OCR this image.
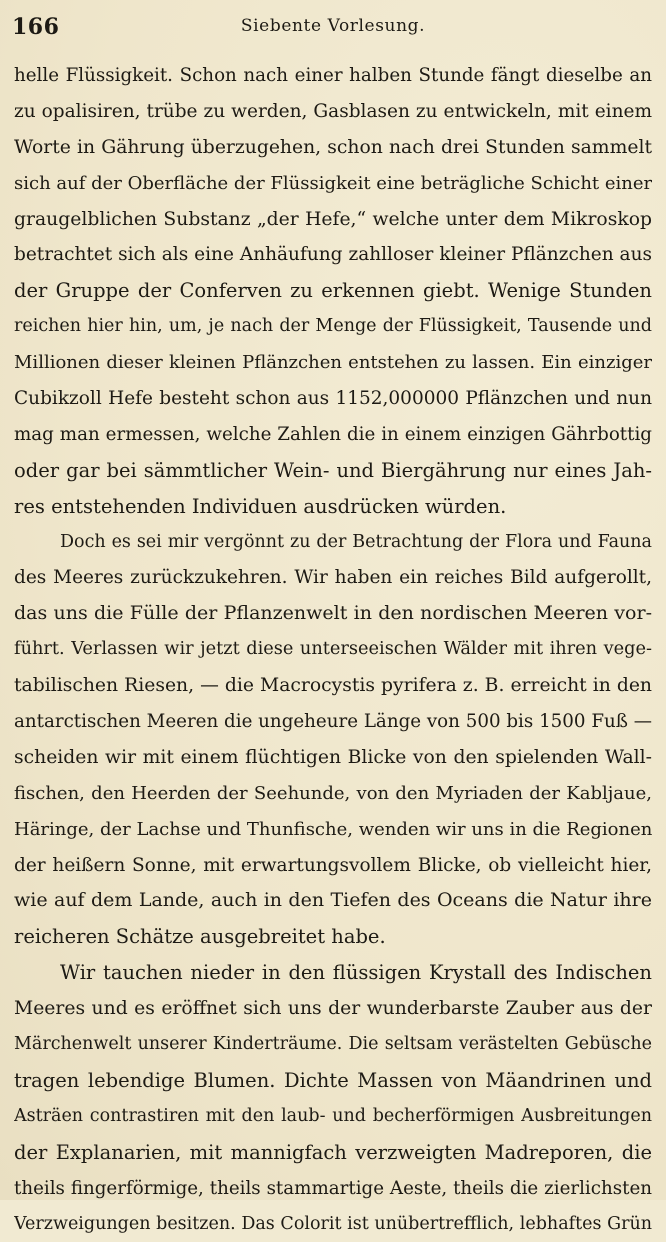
166	Siebente Vorlesung.
helle Flüssigkeit. Schon nach einer halben Stunde fängt dieselbe an
zu opalisiren, trübe zu werden, Gasblasen zu entwickeln, mit einem
Worte in Gährung überzugehen, schon nach drei Stunden sammelt
sich auf der Oberfläche der Flüssigkeit eine beträgliche Schicht einer
graugelblichen Substanz „der Hefe,“ welche unter dem Mikroskop
betrachtet sich als eine Anhäufung zahlloser kleiner Pflänzchen aus
der Gruppe der Conferven zu erkennen giebt. Wenige Stunden
reichen hier hin, um, je nach der Menge der Flüssigkeit, Tausende und
Millionen dieser kleinen Pflänzchen entstehen zu lassen. Ein einziger
Cubikzoll Hefe besteht schon aus 1152,000000 Pflänzchen und nun
mag man ermessen, welche Zahlen die in einem einzigen Gährbottig
oder gar bei sämmtlicher Wein- und Biergährung nur eines Jah-
res entstehenden Individuen ausdrücken würden.
Doch es sei mir vergönnt zu der Betrachtung der Flora und Fauna
des Meeres zurückzukehren. Wir haben ein reiches Bild aufgerollt,
das uns die Fülle der Pflanzenwelt in den nordischen Meeren vor-
führt. Verlassen wir jetzt diese unterseeischen Wälder mit ihren vege-
tabilischen Riesen, — die Macrocystis pyrifera z. B. erreicht in den
antarctischen Meeren die ungeheure Länge von 500 bis 1500 Fuß —
scheiden wir mit einem flüchtigen Blicke von den spielenden Wall-
fischen, den Heerden der Seehunde, von den Myriaden der Kabljaue,
Häringe, der Lachse und Thunfische, wenden wir uns in die Regionen
der heißern Sonne, mit erwartungsvollem Blicke, ob vielleicht hier,
wie auf dem Lande, auch in den Tiefen des Oceans die Natur ihre
reicheren Schätze ausgebreitet habe.
Wir tauchen nieder in den flüssigen Krystall des Indischen
Meeres und es eröffnet sich uns der wunderbarste Zauber aus der
Märchenwelt unserer Kinderträume. Die seltsam verästelten Gebüsche
tragen lebendige Blumen. Dichte Massen von Mäandrinen und
Asträen contrastiren mit den laub- und becherförmigen Ausbreitungen
der Explanarien, mit mannigfach verzweigten Madreporen, die
theils fingerförmige, theils stammartige Aeste, theils die zierlichsten
Verzweigungen besitzen. Das Colorit ist unübertrefflich, lebhaftes Grün
